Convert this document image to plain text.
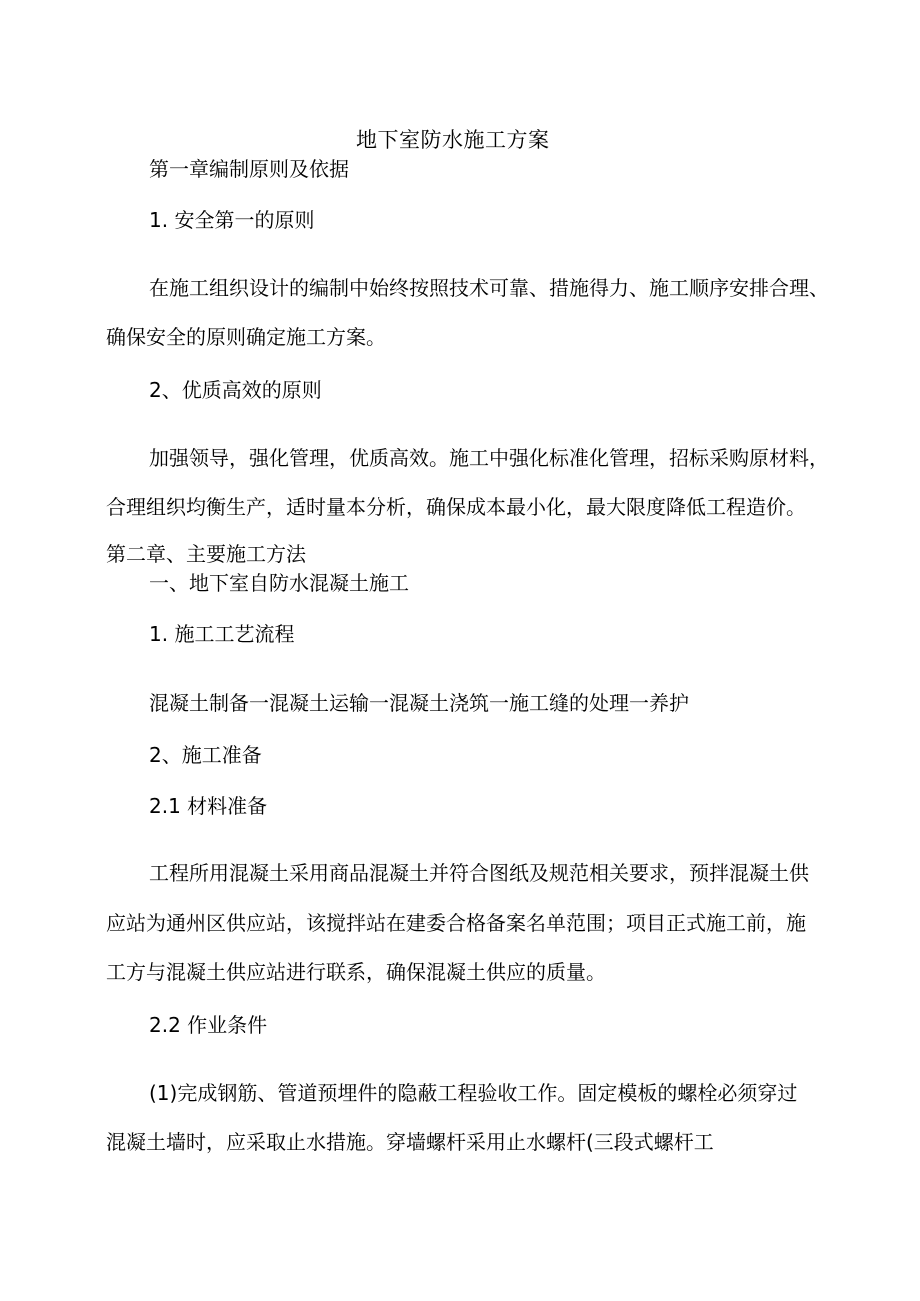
地下室防水施工方案
第一章编制原则及依据
1. 安全第一的原则
在施工组织设计的编制中始终按照技术可靠、措施得力、施工顺序安排合理、
确保安全的原则确定施工方案。
2、优质高效的原则
加强领导，强化管理，优质高效。施工中强化标准化管理，招标采购原材料，
合理组织均衡生产，适时量本分析，确保成本最小化，最大限度降低工程造价。
第二章、主要施工方法
一、地下室自防水混凝土施工
1. 施工工艺流程
混凝土制备一混凝土运输一混凝土浇筑一施工缝的处理一养护
2、施工准备
2.1 材料准备
工程所用混凝土采用商品混凝土并符合图纸及规范相关要求，预拌混凝土供
应站为通州区供应站，该搅拌站在建委合格备案名单范围；项目正式施工前，施
工方与混凝土供应站进行联系，确保混凝土供应的质量。
2.2 作业条件
(1)完成钢筋、管道预埋件的隐蔽工程验收工作。固定模板的螺栓必须穿过
混凝土墙时，应采取止水措施。穿墙螺杆采用止水螺杆(三段式螺杆工
